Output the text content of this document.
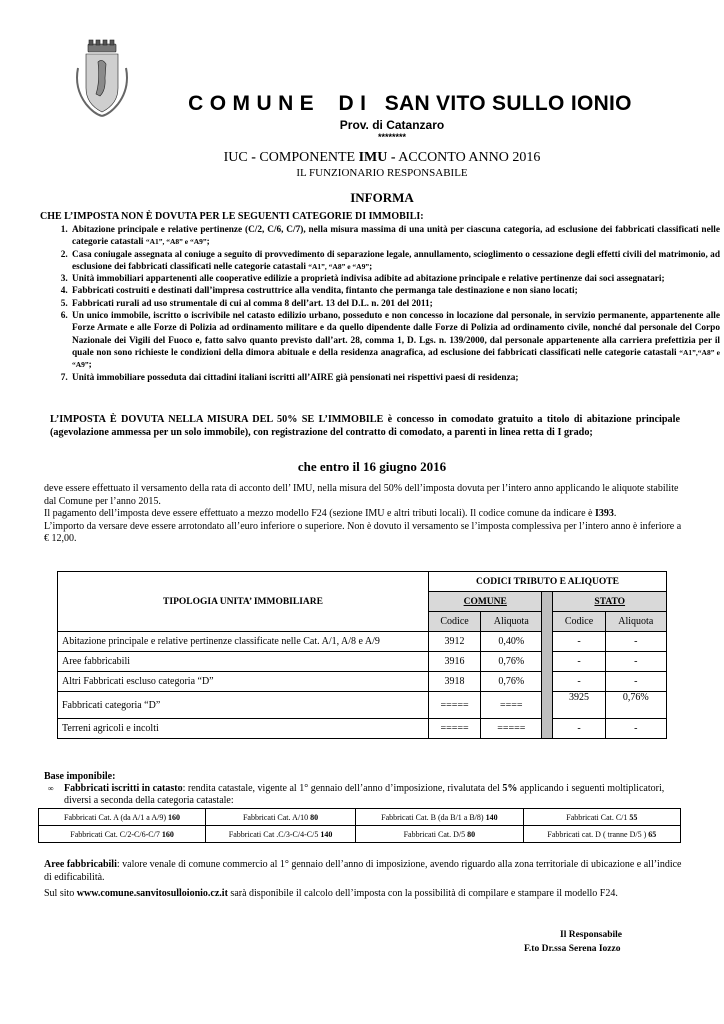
C O M U N E D I SAN VITO SULLO IONIO
Prov. di Catanzaro
********
IUC - COMPONENTE IMU - ACCONTO ANNO 2016
IL FUNZIONARIO RESPONSABILE
INFORMA
CHE L’IMPOSTA NON È DOVUTA PER LE SEGUENTI CATEGORIE DI IMMOBILI:
1. Abitazione principale e relative pertinenze (C/2, C/6, C/7), nella misura massima di una unità per ciascuna categoria, ad esclusione dei fabbricati classificati nelle categorie catastali “A1”, “A8” e “A9”;
2. Casa coniugale assegnata al coniuge a seguito di provvedimento di separazione legale, annullamento, scioglimento o cessazione degli effetti civili del matrimonio, ad esclusione dei fabbricati classificati nelle categorie catastali “A1”, “A8” e “A9”;
3. Unità immobiliari appartenenti alle cooperative edilizie a proprietà indivisa adibite ad abitazione principale e relative pertinenze dai soci assegnatari;
4. Fabbricati costruiti e destinati dall’impresa costruttrice alla vendita, fintanto che permanga tale destinazione e non siano locati;
5. Fabbricati rurali ad uso strumentale di cui al comma 8 dell’art. 13 del D.L. n. 201 del 2011;
6. Un unico immobile, iscritto o iscrivibile nel catasto edilizio urbano, posseduto e non concesso in locazione dal personale, in servizio permanente, appartenente alle Forze Armate e alle Forze di Polizia ad ordinamento militare e da quello dipendente dalle Forze di Polizia ad ordinamento civile, nonché dal personale del Corpo Nazionale dei Vigili del Fuoco e, fatto salvo quanto previsto dall’art. 28, comma 1, D. Lgs. n. 139/2000, dal personale appartenente alla carriera prefettizia per il quale non sono richieste le condizioni della dimora abituale e della residenza anagrafica, ad esclusione dei fabbricati classificati nelle categorie catastali “A1”,“A8” e “A9”;
7. Unità immobiliare posseduta dai cittadini italiani iscritti all’AIRE già pensionati nei rispettivi paesi di residenza;
L’IMPOSTA È DOVUTA NELLA MISURA DEL 50% SE L’IMMOBILE è concesso in comodato gratuito a titolo di abitazione principale (agevolazione ammessa per un solo immobile), con registrazione del contratto di comodato, a parenti in linea retta di I grado;
che entro il 16 giugno 2016
deve essere effettuato il versamento della rata di acconto dell’ IMU, nella misura del 50% dell’imposta dovuta per l’intero anno applicando le aliquote stabilite dal Comune per l’anno 2015.
Il pagamento dell’imposta deve essere effettuato a mezzo modello F24 (sezione IMU e altri tributi locali). Il codice comune da indicare è I393.
L’importo da versare deve essere arrotondato all’euro inferiore o superiore. Non è dovuto il versamento se l’imposta complessiva per l’intero anno è inferiore a € 12,00.
TIPOLOGIA UNITA’ IMMOBILIARE	CODICI TRIBUTO E ALIQUOTE				
	COMUNE			STATO	
	Codice	Aliquota		Codice	Aliquota
Abitazione principale e relative pertinenze classificate nelle Cat. A/1, A/8 e A/9	3912	0,40%		-	-
Aree fabbricabili	3916	0,76%		-	-
Altri Fabbricati escluso categoria “D”	3918	0,76%		-	-
Fabbricati categoria “D”	=====	====		3925	0,76%
Terreni agricoli e incolti	=====	=====		-	-
Base imponibile:
∞ Fabbricati iscritti in catasto: rendita catastale, vigente al 1° gennaio dell’anno d’imposizione, rivalutata del 5% applicando i seguenti moltiplicatori, diversi a seconda della categoria catastale:
Fabbricati Cat. A (da A/1 a A/9) 160	Fabbricati Cat. A/10 80	Fabbricati Cat. B (da B/1 a B/8) 140	Fabbricati Cat. C/1 55
Fabbricati Cat. C/2-C/6-C/7 160	Fabbricati Cat .C/3-C/4-C/5 140	Fabbricati Cat. D/5 80	Fabbricati cat. D ( tranne D/5 ) 65
Aree fabbricabili: valore venale di comune commercio al 1° gennaio dell’anno di imposizione, avendo riguardo alla zona territoriale di ubicazione e all’indice di edificabilità.
Sul sito www.comune.sanvitosulloionio.cz.it sarà disponibile il calcolo dell’imposta con la possibilità di compilare e stampare il modello F24.
Il Responsabile
F.to Dr.ssa Serena Iozzo
